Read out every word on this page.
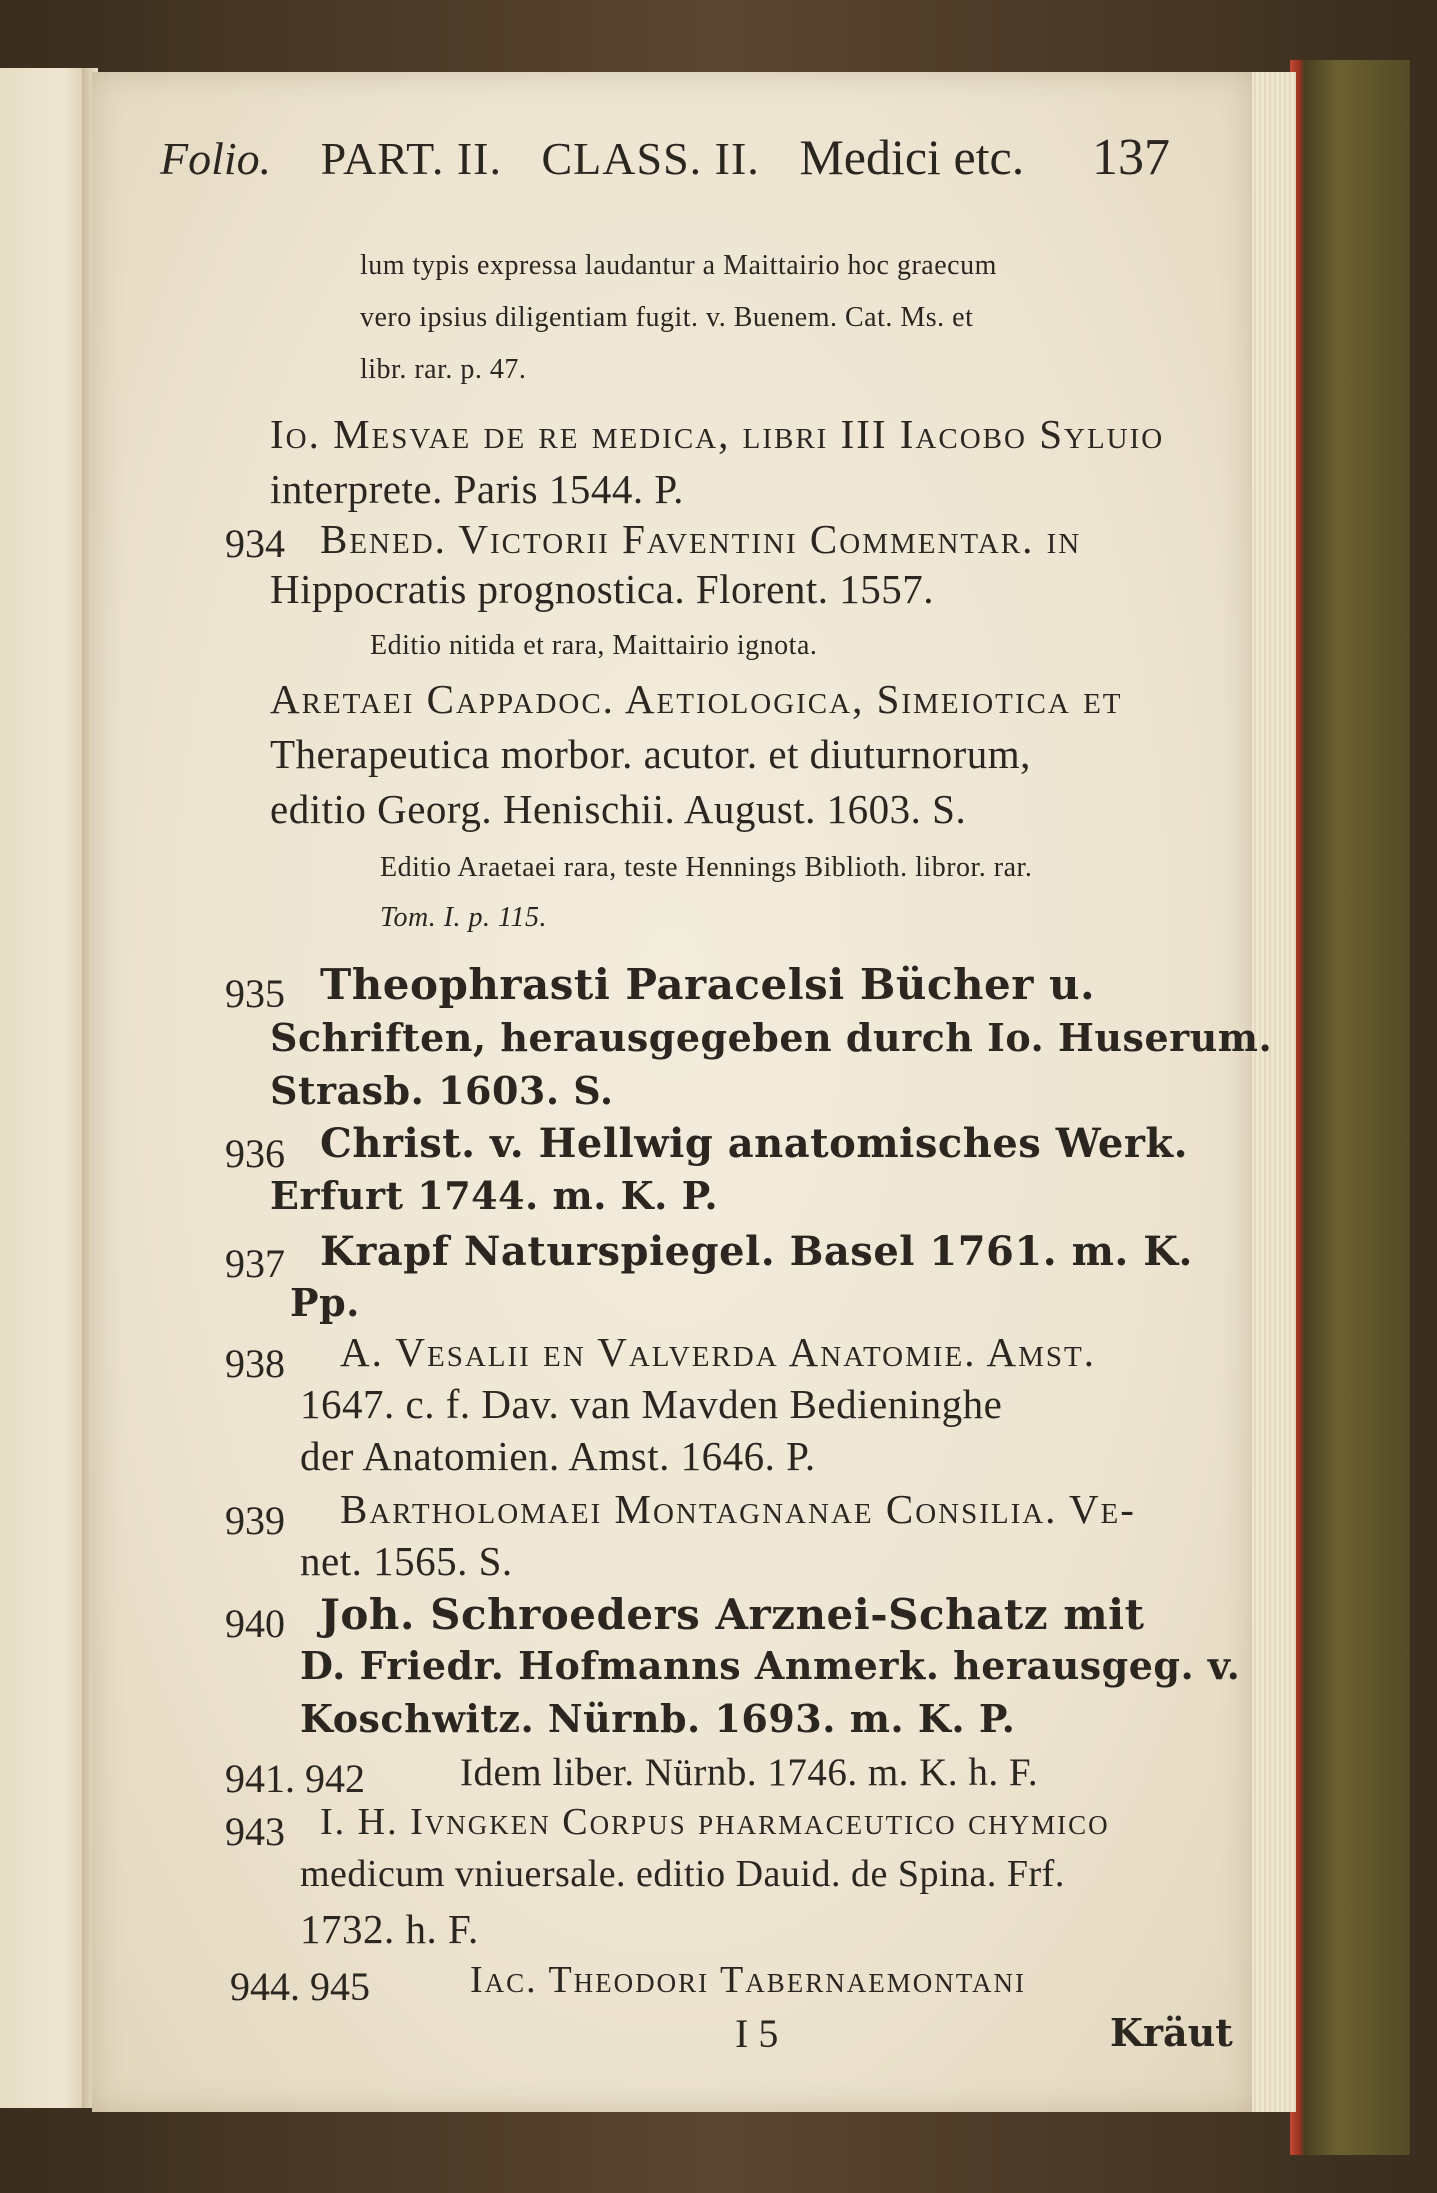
Folio. PART. II. CLASS. II. Medici etc. 137
lum typis expressa laudantur a Maittairio hoc graecum
vero ipsius diligentiam fugit. v. Buenem. Cat. Ms. et
libr. rar. p. 47.
Io. Mesvae de re medica, libri III Iacobo Syluio
interprete. Paris 1544. P.
934 Bened. Victorii Faventini Commentar. in
Hippocratis prognostica. Florent. 1557.
Editio nitida et rara, Maittairio ignota.
Aretaei Cappadoc. Aetiologica, Simeiotica et
Therapeutica morbor. acutor. et diuturnorum,
editio Georg. Henischii. August. 1603. S.
Editio Araetaei rara, teste Hennings Biblioth. libror. rar.
Tom. I. p. 115.
935 Theophrasti Paracelsi Bücher u.
Schriften, herausgegeben durch Io. Huserum.
Strasb. 1603. S.
936 Christ. v. Hellwig anatomisches Werk.
Erfurt 1744. m. K. P.
937 Krapf Naturspiegel. Basel 1761. m. K.
Pp.
938 A. Vesalii en Valverda Anatomie. Amst.
1647. c. f. Dav. van Mavden Bedieninghe
der Anatomien. Amst. 1646. P.
939 Bartholomaei Montagnanae Consilia. Ve-
net. 1565. S.
940 Joh. Schroeders Arznei-Schatz mit
D. Friedr. Hofmanns Anmerk. herausgeg. v.
Koschwitz. Nürnb. 1693. m. K. P.
941. 942 Idem liber. Nürnb. 1746. m. K. h. F.
943 I. H. Ivngken Corpus pharmaceutico chymico
medicum vniuersale. editio Dauid. de Spina. Frf.
1732. h. F.
944. 945	Iac. Theodori Tabernaemontani
I 5	Kräut
